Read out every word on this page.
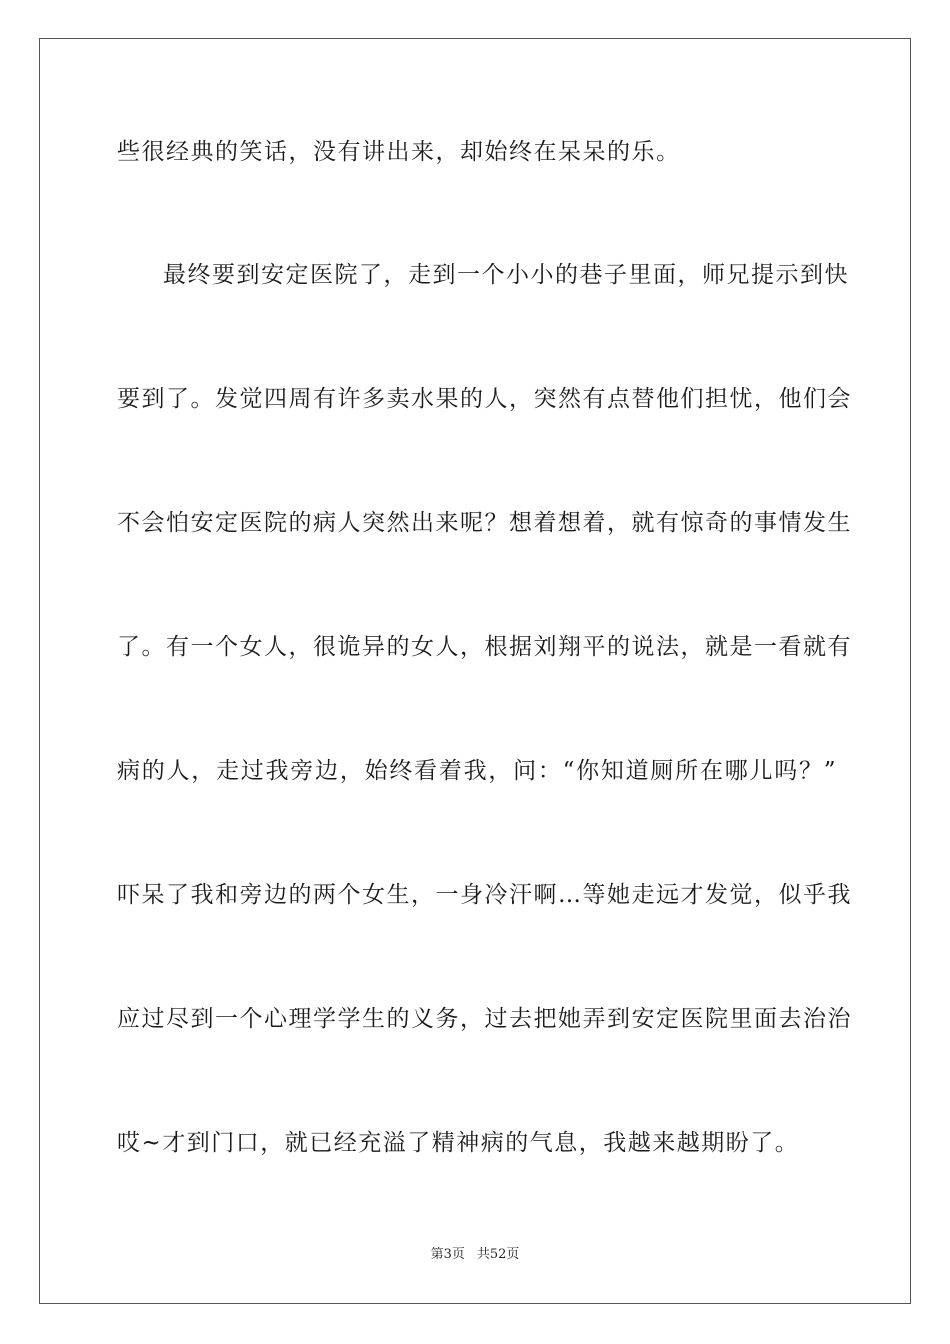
些很经典的笑话，没有讲出来，却始终在呆呆的乐。
最终要到安定医院了，走到一个小小的巷子里面，师兄提示到快
要到了。发觉四周有许多卖水果的人，突然有点替他们担忧，他们会
不会怕安定医院的病人突然出来呢？想着想着，就有惊奇的事情发生
了。有一个女人，很诡异的女人，根据刘翔平的说法，就是一看就有
病的人，走过我旁边，始终看着我，问：“你知道厕所在哪儿吗？”
吓呆了我和旁边的两个女生，一身冷汗啊…等她走远才发觉，似乎我
应过尽到一个心理学学生的义务，过去把她弄到安定医院里面去治治
哎~才到门口，就已经充溢了精神病的气息，我越来越期盼了。
第3页 共52页
